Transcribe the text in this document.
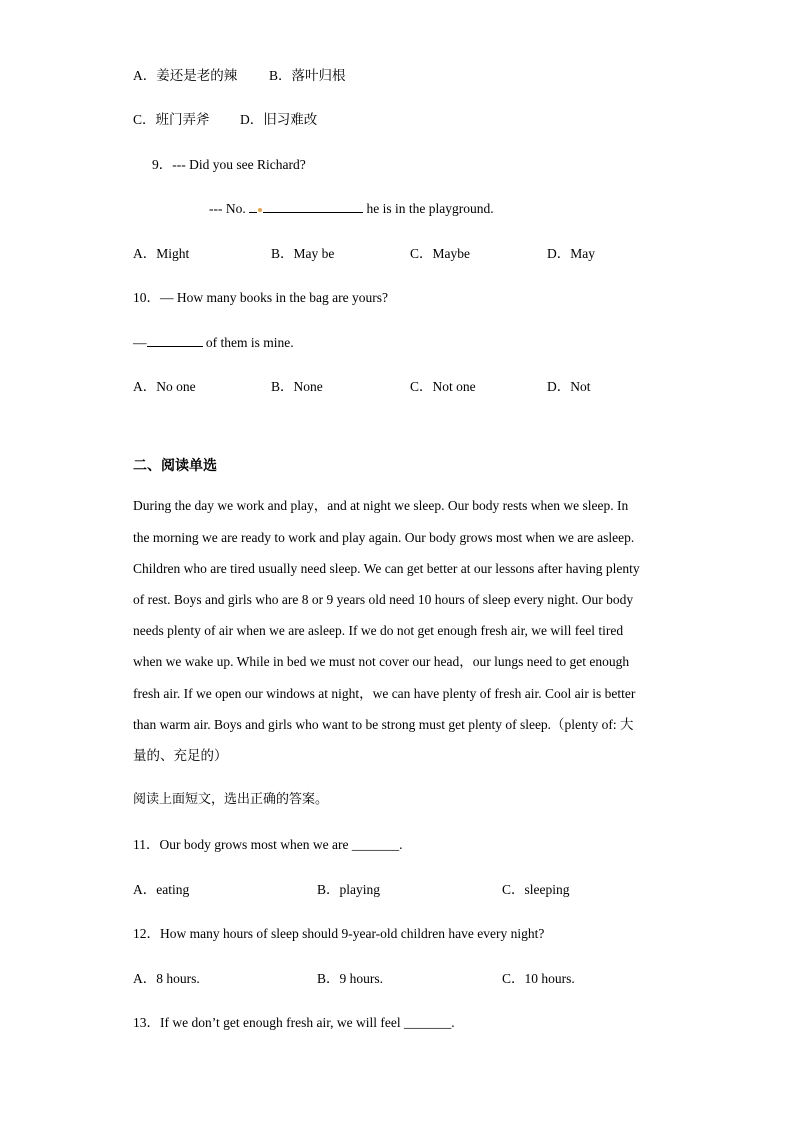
A．姜还是老的辣 B．落叶归根
C．班门弄斧 D．旧习难改
9．--- Did you see Richard?
--- No.	he is in the playground.
A．Might	B．May be	C．Maybe	D．May
10．— How many books in the bag are yours?
—	of them is mine.
A．No one	B．None	C．Not one	D．Not
二、阅读单选
During the day we work and play，and at night we sleep. Our body rests when we sleep. In
the morning we are ready to work and play again. Our body grows most when we are asleep.
Children who are tired usually need sleep. We can get better at our lessons after having plenty
of rest. Boys and girls who are 8 or 9 years old need 10 hours of sleep every night. Our body
needs plenty of air when we are asleep. If we do not get enough fresh air, we will feel tired
when we wake up. While in bed we must not cover our head，our lungs need to get enough
fresh air. If we open our windows at night，we can have plenty of fresh air. Cool air is better
than warm air. Boys and girls who want to be strong must get plenty of sleep.（plenty of: 大
量的、充足的）
阅读上面短文，选出正确的答案。
11．Our body grows most when we are _______.
A．eating	B．playing	C．sleeping
12．How many hours of sleep should 9-year-old children have every night?
A．8 hours.	B．9 hours.	C．10 hours.
13．If we don’t get enough fresh air, we will feel _______.
